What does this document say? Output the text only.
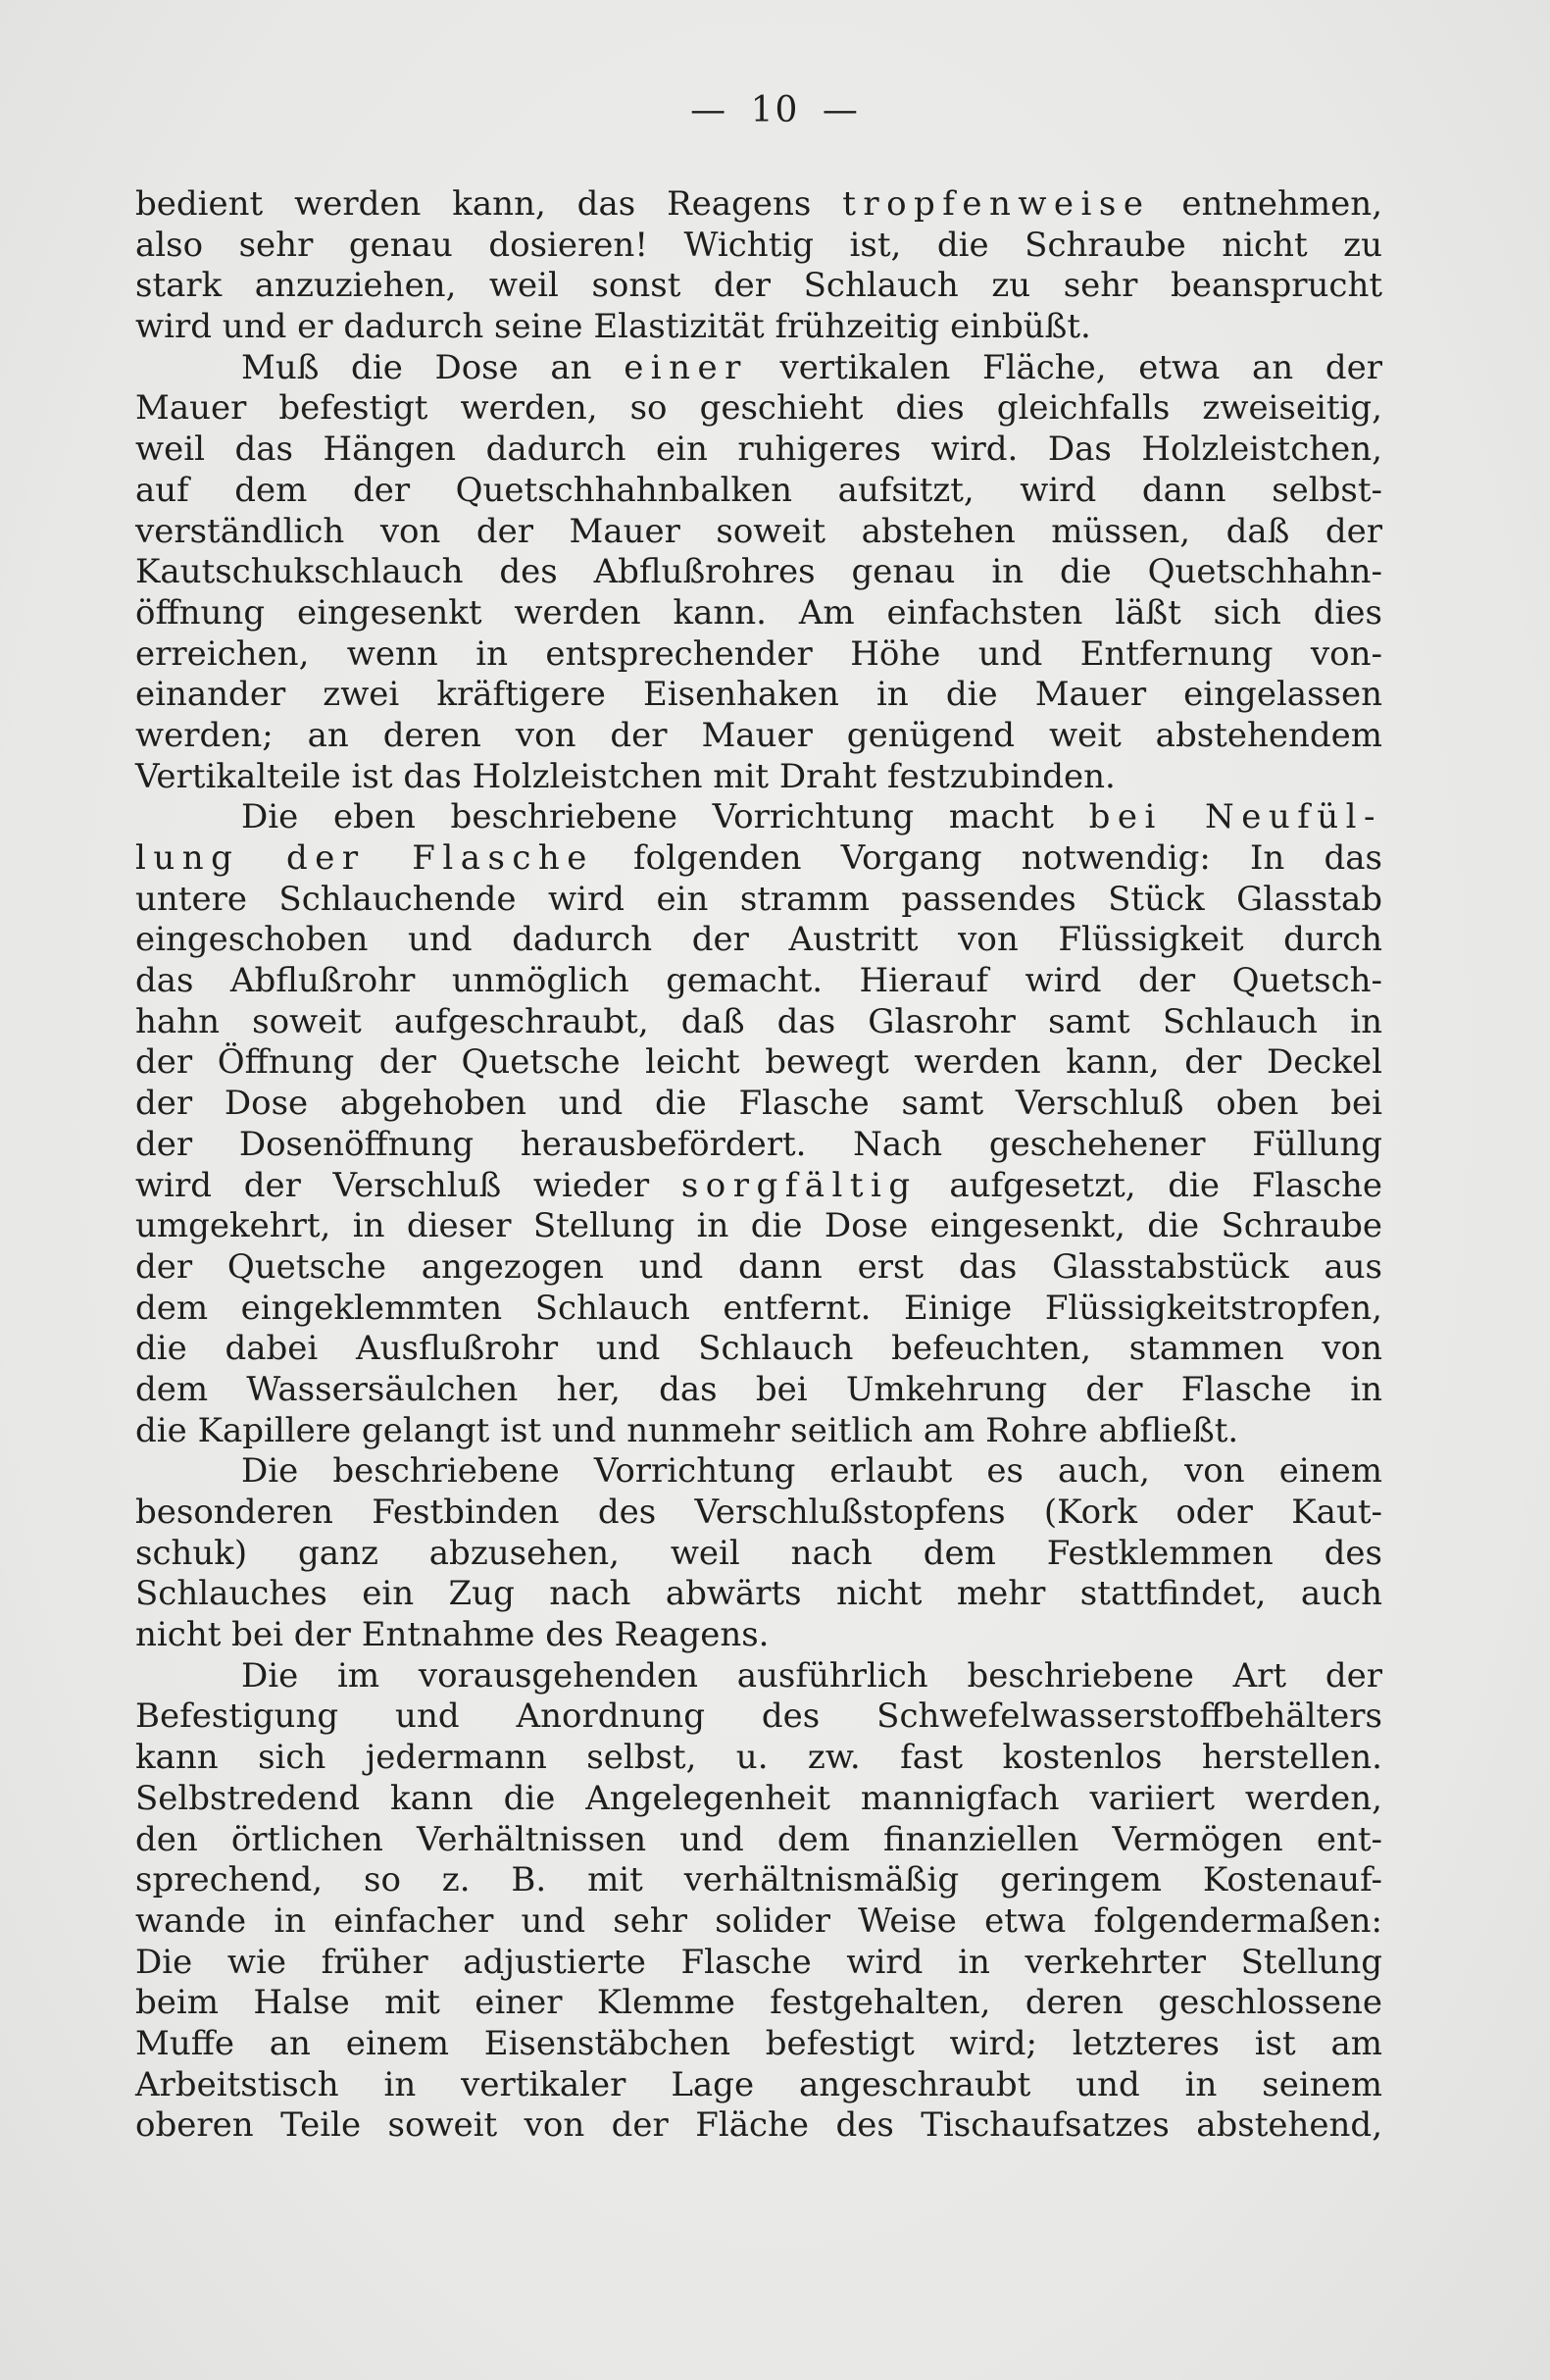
— 10 —
bedient werden kann, das Reagens tropfenweise entnehmen,
also sehr genau dosieren! Wichtig ist, die Schraube nicht zu
stark anzuziehen, weil sonst der Schlauch zu sehr beansprucht
wird und er dadurch seine Elastizität frühzeitig einbüßt.
Muß die Dose an einer vertikalen Fläche, etwa an der
Mauer befestigt werden, so geschieht dies gleichfalls zweiseitig,
weil das Hängen dadurch ein ruhigeres wird. Das Holzleistchen,
auf dem der Quetschhahnbalken aufsitzt, wird dann selbst-
verständlich von der Mauer soweit abstehen müssen, daß der
Kautschukschlauch des Abflußrohres genau in die Quetschhahn-
öffnung eingesenkt werden kann. Am einfachsten läßt sich dies
erreichen, wenn in entsprechender Höhe und Entfernung von-
einander zwei kräftigere Eisenhaken in die Mauer eingelassen
werden; an deren von der Mauer genügend weit abstehendem
Vertikalteile ist das Holzleistchen mit Draht festzubinden.
Die eben beschriebene Vorrichtung macht bei Neufül-
lung der Flasche folgenden Vorgang notwendig: In das
untere Schlauchende wird ein stramm passendes Stück Glasstab
eingeschoben und dadurch der Austritt von Flüssigkeit durch
das Abflußrohr unmöglich gemacht. Hierauf wird der Quetsch-
hahn soweit aufgeschraubt, daß das Glasrohr samt Schlauch in
der Öffnung der Quetsche leicht bewegt werden kann, der Deckel
der Dose abgehoben und die Flasche samt Verschluß oben bei
der Dosenöffnung herausbefördert. Nach geschehener Füllung
wird der Verschluß wieder sorgfältig aufgesetzt, die Flasche
umgekehrt, in dieser Stellung in die Dose eingesenkt, die Schraube
der Quetsche angezogen und dann erst das Glasstabstück aus
dem eingeklemmten Schlauch entfernt. Einige Flüssigkeitstropfen,
die dabei Ausflußrohr und Schlauch befeuchten, stammen von
dem Wassersäulchen her, das bei Umkehrung der Flasche in
die Kapillere gelangt ist und nunmehr seitlich am Rohre abfließt.
Die beschriebene Vorrichtung erlaubt es auch, von einem
besonderen Festbinden des Verschlußstopfens (Kork oder Kaut-
schuk) ganz abzusehen, weil nach dem Festklemmen des
Schlauches ein Zug nach abwärts nicht mehr stattfindet, auch
nicht bei der Entnahme des Reagens.
Die im vorausgehenden ausführlich beschriebene Art der
Befestigung und Anordnung des Schwefelwasserstoffbehälters
kann sich jedermann selbst, u. zw. fast kostenlos herstellen.
Selbstredend kann die Angelegenheit mannigfach variiert werden,
den örtlichen Verhältnissen und dem finanziellen Vermögen ent-
sprechend, so z. B. mit verhältnismäßig geringem Kostenauf-
wande in einfacher und sehr solider Weise etwa folgendermaßen:
Die wie früher adjustierte Flasche wird in verkehrter Stellung
beim Halse mit einer Klemme festgehalten, deren geschlossene
Muffe an einem Eisenstäbchen befestigt wird; letzteres ist am
Arbeitstisch in vertikaler Lage angeschraubt und in seinem
oberen Teile soweit von der Fläche des Tischaufsatzes abstehend,
